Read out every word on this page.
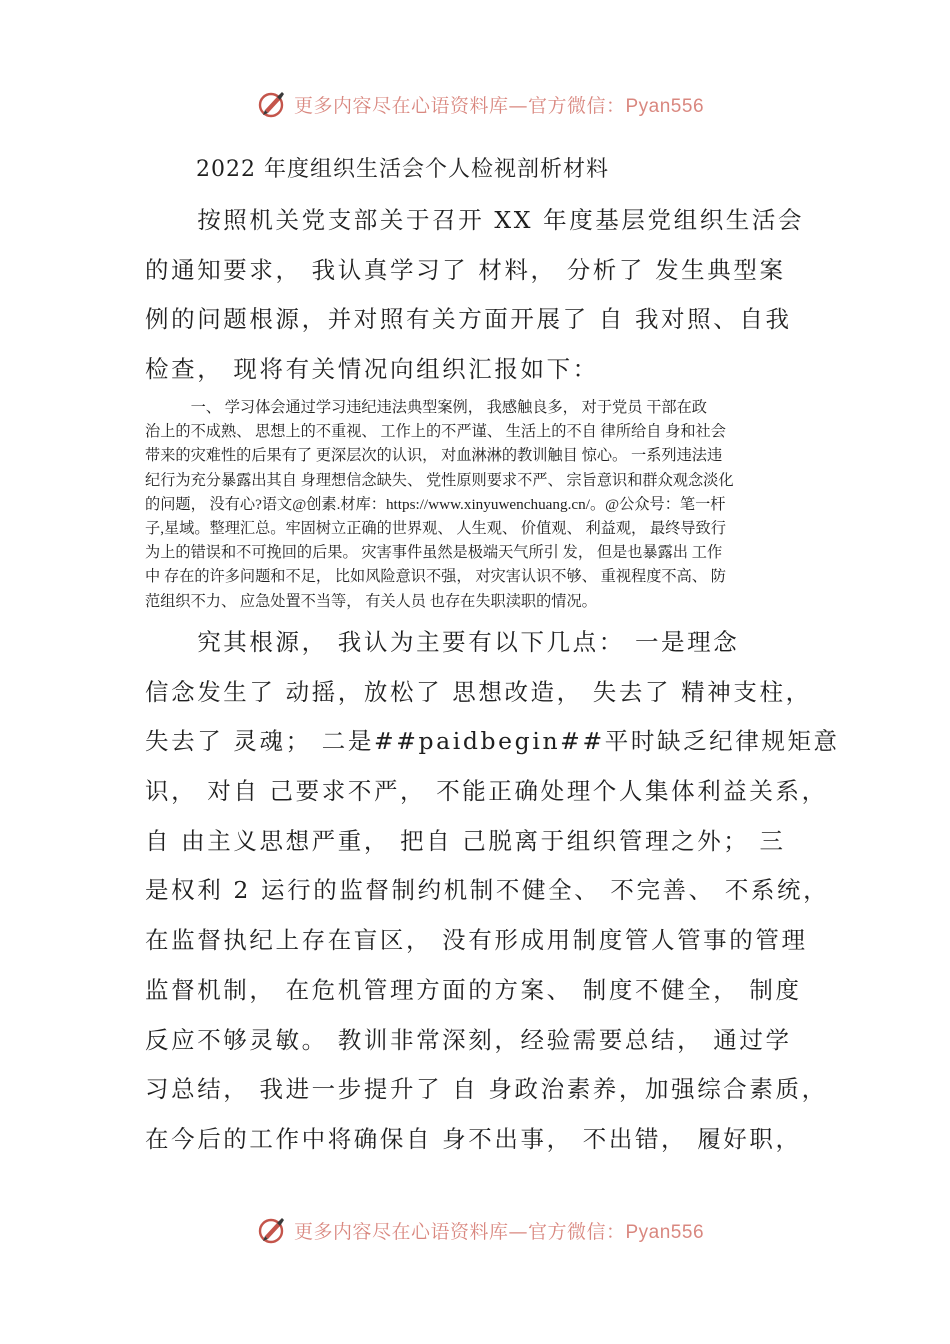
更多内容尽在心语资料库—官方微信：Pyan556
2022 年度组织生活会个人检视剖析材料
　　按照机关党支部关于召开 XX 年度基层党组织生活会
的通知要求， 我认真学习了 材料， 分析了 发生典型案
例的问题根源，并对照有关方面开展了 自 我对照、自我
检查， 现将有关情况向组织汇报如下：
　　　一、 学习体会通过学习违纪违法典型案例， 我感触良多， 对于党员 干部在政
治上的不成熟、 思想上的不重视、 工作上的不严谨、 生活上的不自 律所给自 身和社会
带来的灾难性的后果有了 更深层次的认识， 对血淋淋的教训触目 惊心。 一系列违法违
纪行为充分暴露出其自 身理想信念缺失、 党性原则要求不严、 宗旨意识和群众观念淡化
的问题， 没有心?语文@创素.材库：https://www.xinyuwenchuang.cn/。@公众号：笔一杆
子,星域。整理汇总。牢固树立正确的世界观、 人生观、 价值观、 利益观， 最终导致行
为上的错误和不可挽回的后果。 灾害事件虽然是极端天气所引 发， 但是也暴露出 工作
中 存在的许多问题和不足， 比如风险意识不强， 对灾害认识不够、 重视程度不高、 防
范组织不力、 应急处置不当等， 有关人员 也存在失职渎职的情况。
　　究其根源， 我认为主要有以下几点： 一是理念
信念发生了 动摇，放松了 思想改造， 失去了 精神支柱，
失去了 灵魂； 二是##paidbegin##平时缺乏纪律规矩意
识， 对自 己要求不严， 不能正确处理个人集体利益关系，
自 由主义思想严重， 把自 己脱离于组织管理之外； 三
是权利 2 运行的监督制约机制不健全、 不完善、 不系统，
在监督执纪上存在盲区， 没有形成用制度管人管事的管理
监督机制， 在危机管理方面的方案、 制度不健全， 制度
反应不够灵敏。 教训非常深刻，经验需要总结， 通过学
习总结， 我进一步提升了 自 身政治素养，加强综合素质，
在今后的工作中将确保自 身不出事， 不出错， 履好职，
更多内容尽在心语资料库—官方微信：Pyan556
